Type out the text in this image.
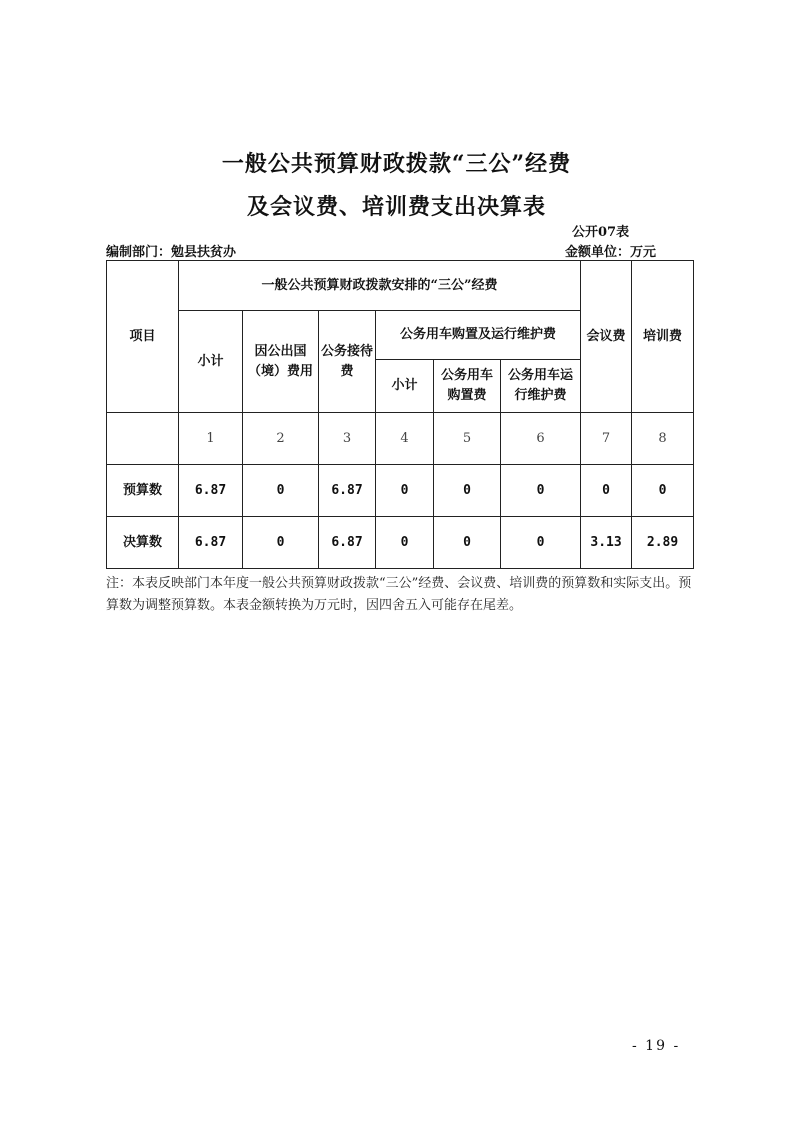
一般公共预算财政拨款“三公”经费
及会议费、培训费支出决算表
公开07表
编制部门：勉县扶贫办	金额单位：万元
项目	一般公共预算财政拨款安排的“三公”经费						会议费	培训费
	小计	因公出国（境）费用	公务接待费	公务用车购置及运行维护费				
				小计	公务用车购置费	公务用车运行维护费		
	1	2	3	4	5	6	7	8
预算数	6.87	0	6.87	0	0	0	0	0
决算数	6.87	0	6.87	0	0	0	3.13	2.89
注：本表反映部门本年度一般公共预算财政拨款“三公”经费、会议费、培训费的预算数和实际支出。预算数为调整预算数。本表金额转换为万元时，因四舍五入可能存在尾差。
- 19 -
